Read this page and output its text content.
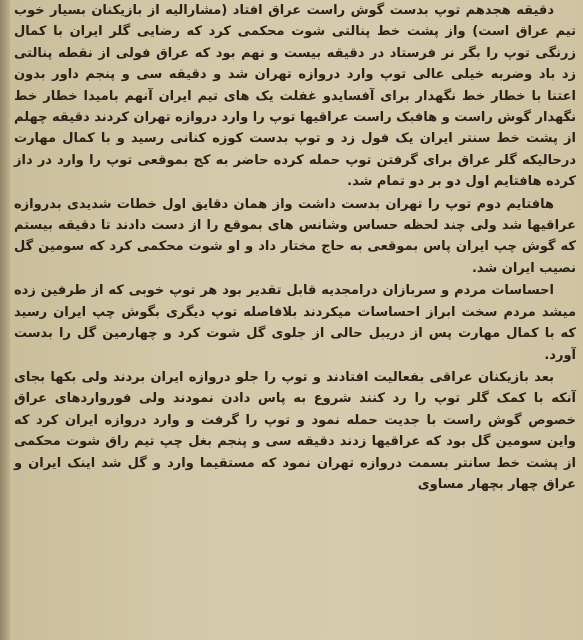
دقیقه هجدهم توپ بدست گوش راست عراق افتاد (مشارالیه از بازیکنان بسیار خوب تیم عراق است) واز پشت خط پنالتی شوت محکمی کرد که رضایی گلر ایران با کمال زرنگی توپ را بگر نر فرستاد در دقیقه بیست و نهم بود که عراق فولی از نقطه پنالتی زد باد وضربه خیلی عالی توپ وارد دروازه تهران شد و دقیقه سی و پنجم داور بدون اعتنا با خطار خط نگهدار برای آفسایدو غفلت یک های تیم ایران آنهم بامیدا خطار خط نگهدار گوش راست و هافبک راست عراقیها توپ را وارد دروازه تهران کردند دقیقه چهلم از پشت خط سنتر ایران یک فول زد و توپ بدست کوزه کنانی رسید و با کمال مهارت درحالیکه گلر عراق برای گرفتن توپ حمله کرده حاضر به کج بموقعی توپ را وارد در داز کرده هافتایم اول دو بر دو تمام شد.

هافتایم دوم توپ را تهران بدست داشت واز همان دقایق اول خطات شدیدی بدروازه عراقیها شد ولی چند لحظه حساس وشانس های بموقع را از دست دادند تا دقیقه بیستم که گوش چپ ایران پاس بموقعی به حاج مختار داد و او شوت محکمی کرد که سومین گل نصیب ایران شد.

احساسات مردم و سربازان درامجدیه قابل تقدیر بود هر توپ خوبی که از طرفین زده میشد مردم سخت ابراز احساسات میکردند بلافاصله توپ دیگری بگوش چپ ایران رسید که با کمال مهارت پس از دریبل حالی از جلوی گل شوت کرد و چهارمین گل را بدست آورد.

بعد بازیکنان عراقی بفعالیت افتادند و توپ را جلو دروازه ایران بردند ولی بکها بجای آنکه با کمک گلر توپ را رد کنند شروع به پاس دادن نمودند ولی فورواردهای عراق خصوص گوش راست با جدیت حمله نمود و توپ را گرفت و وارد دروازه ایران کرد که واین سومین گل بود که عراقیها زدند دقیقه سی و پنجم بغل چپ تیم راق شوت محکمی از پشت خط سانتر بسمت دروازه تهران نمود که مستقیما وارد و گل شد اینک ایران و عراق چهار بچهار مساوی
